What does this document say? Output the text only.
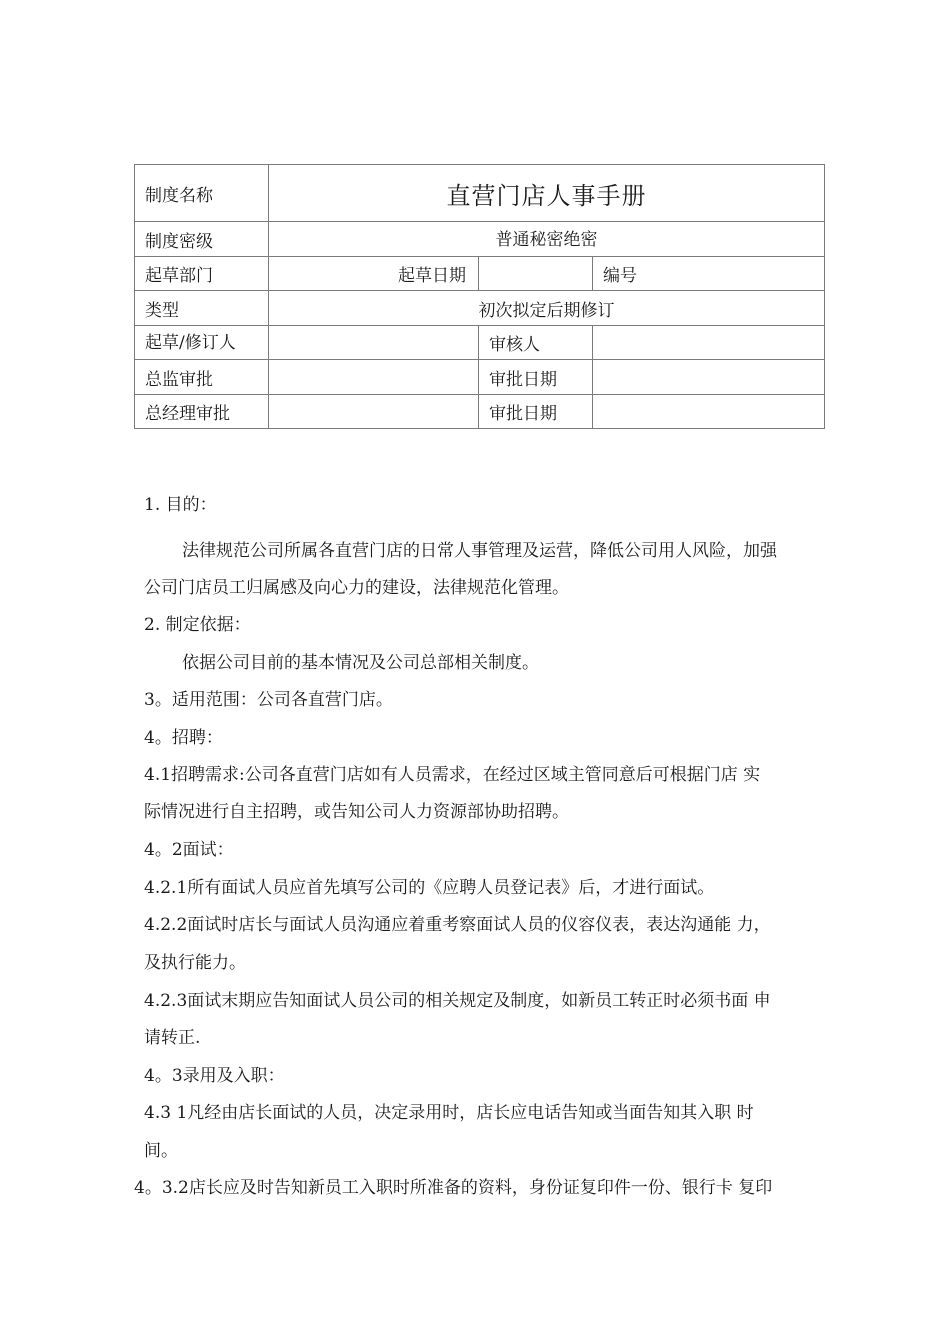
制度名称	直营门店人事手册		
制度密级	普通秘密绝密		
起草部门	起草日期		编号
类型	初次拟定后期修订		
起草/修订人		审核人	
总监审批		审批日期	
总经理审批		审批日期	
1. 目的：
法律规范公司所属各直营门店的日常人事管理及运营，降低公司用人风险，加强
公司门店员工归属感及向心力的建设，法律规范化管理。
2. 制定依据：
依据公司目前的基本情况及公司总部相关制度。
3。适用范围：公司各直营门店。
4。招聘：
4.1招聘需求:公司各直营门店如有人员需求，在经过区域主管同意后可根据门店 实
际情况进行自主招聘，或告知公司人力资源部协助招聘。
4。2面试：
4.2.1所有面试人员应首先填写公司的《应聘人员登记表》后，才进行面试。
4.2.2面试时店长与面试人员沟通应着重考察面试人员的仪容仪表，表达沟通能 力，
及执行能力。
4.2.3面试末期应告知面试人员公司的相关规定及制度，如新员工转正时必须书面 申
请转正.
4。3录用及入职：
4.3 1凡经由店长面试的人员，决定录用时，店长应电话告知或当面告知其入职 时
间。
4。3.2店长应及时告知新员工入职时所准备的资料，身份证复印件一份、银行卡 复印
